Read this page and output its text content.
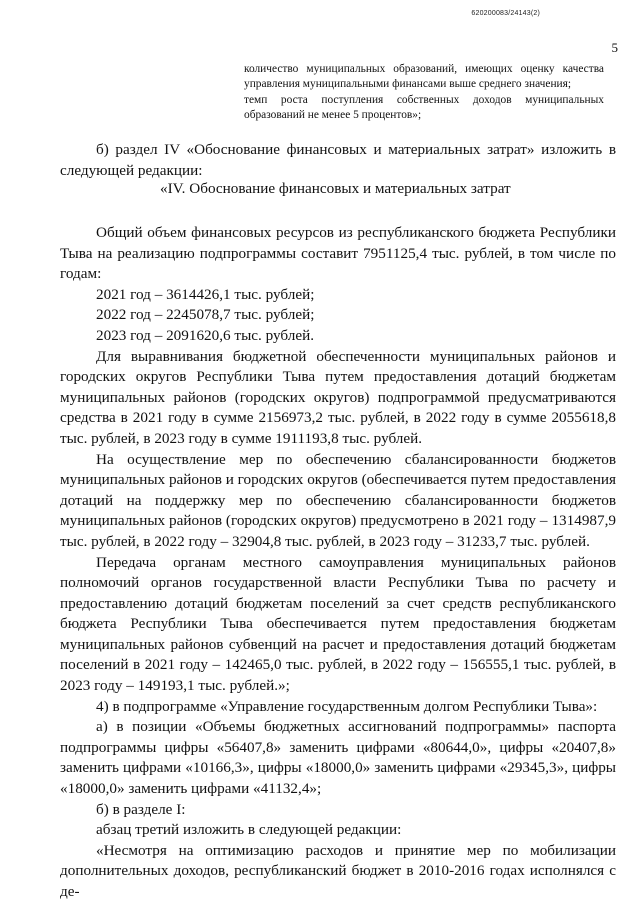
620200083/24143(2)
5

количество муниципальных образований, имеющих оценку качества управления муниципальными финансами выше среднего значения;

темп роста поступления собственных доходов муниципальных образований не менее 5 процентов»;

б) раздел IV «Обоснование финансовых и материальных затрат» изложить в следующей редакции:

«IV. Обоснование финансовых и материальных затрат

Общий объем финансовых ресурсов из республиканского бюджета Республики Тыва на реализацию подпрограммы составит 7951125,4 тыс. рублей, в том числе по годам:

2021 год – 3614426,1 тыс. рублей;

2022 год – 2245078,7 тыс. рублей;

2023 год – 2091620,6 тыс. рублей.

Для выравнивания бюджетной обеспеченности муниципальных районов и городских округов Республики Тыва путем предоставления дотаций бюджетам муниципальных районов (городских округов) подпрограммой предусматриваются средства в 2021 году в сумме 2156973,2 тыс. рублей, в 2022 году в сумме 2055618,8 тыс. рублей, в 2023 году в сумме 1911193,8 тыс. рублей.

На осуществление мер по обеспечению сбалансированности бюджетов муниципальных районов и городских округов (обеспечивается путем предоставления дотаций на поддержку мер по обеспечению сбалансированности бюджетов муниципальных районов (городских округов) предусмотрено в 2021 году – 1314987,9 тыс. рублей, в 2022 году – 32904,8 тыс. рублей, в 2023 году – 31233,7 тыс. рублей.

Передача органам местного самоуправления муниципальных районов полномочий органов государственной власти Республики Тыва по расчету и предоставлению дотаций бюджетам поселений за счет средств республиканского бюджета Республики Тыва обеспечивается путем предоставления бюджетам муниципальных районов субвенций на расчет и предоставления дотаций бюджетам поселений в 2021 году – 142465,0 тыс. рублей, в 2022 году – 156555,1 тыс. рублей, в 2023 году – 149193,1 тыс. рублей.»;

4) в подпрограмме «Управление государственным долгом Республики Тыва»:

а) в позиции «Объемы бюджетных ассигнований подпрограммы» паспорта подпрограммы цифры «56407,8» заменить цифрами «80644,0», цифры «20407,8» заменить цифрами «10166,3», цифры «18000,0» заменить цифрами «29345,3», цифры «18000,0» заменить цифрами «41132,4»;

б) в разделе I:

абзац третий изложить в следующей редакции:

«Несмотря на оптимизацию расходов и принятие мер по мобилизации дополнительных доходов, республиканский бюджет в 2010-2016 годах исполнялся с де-
